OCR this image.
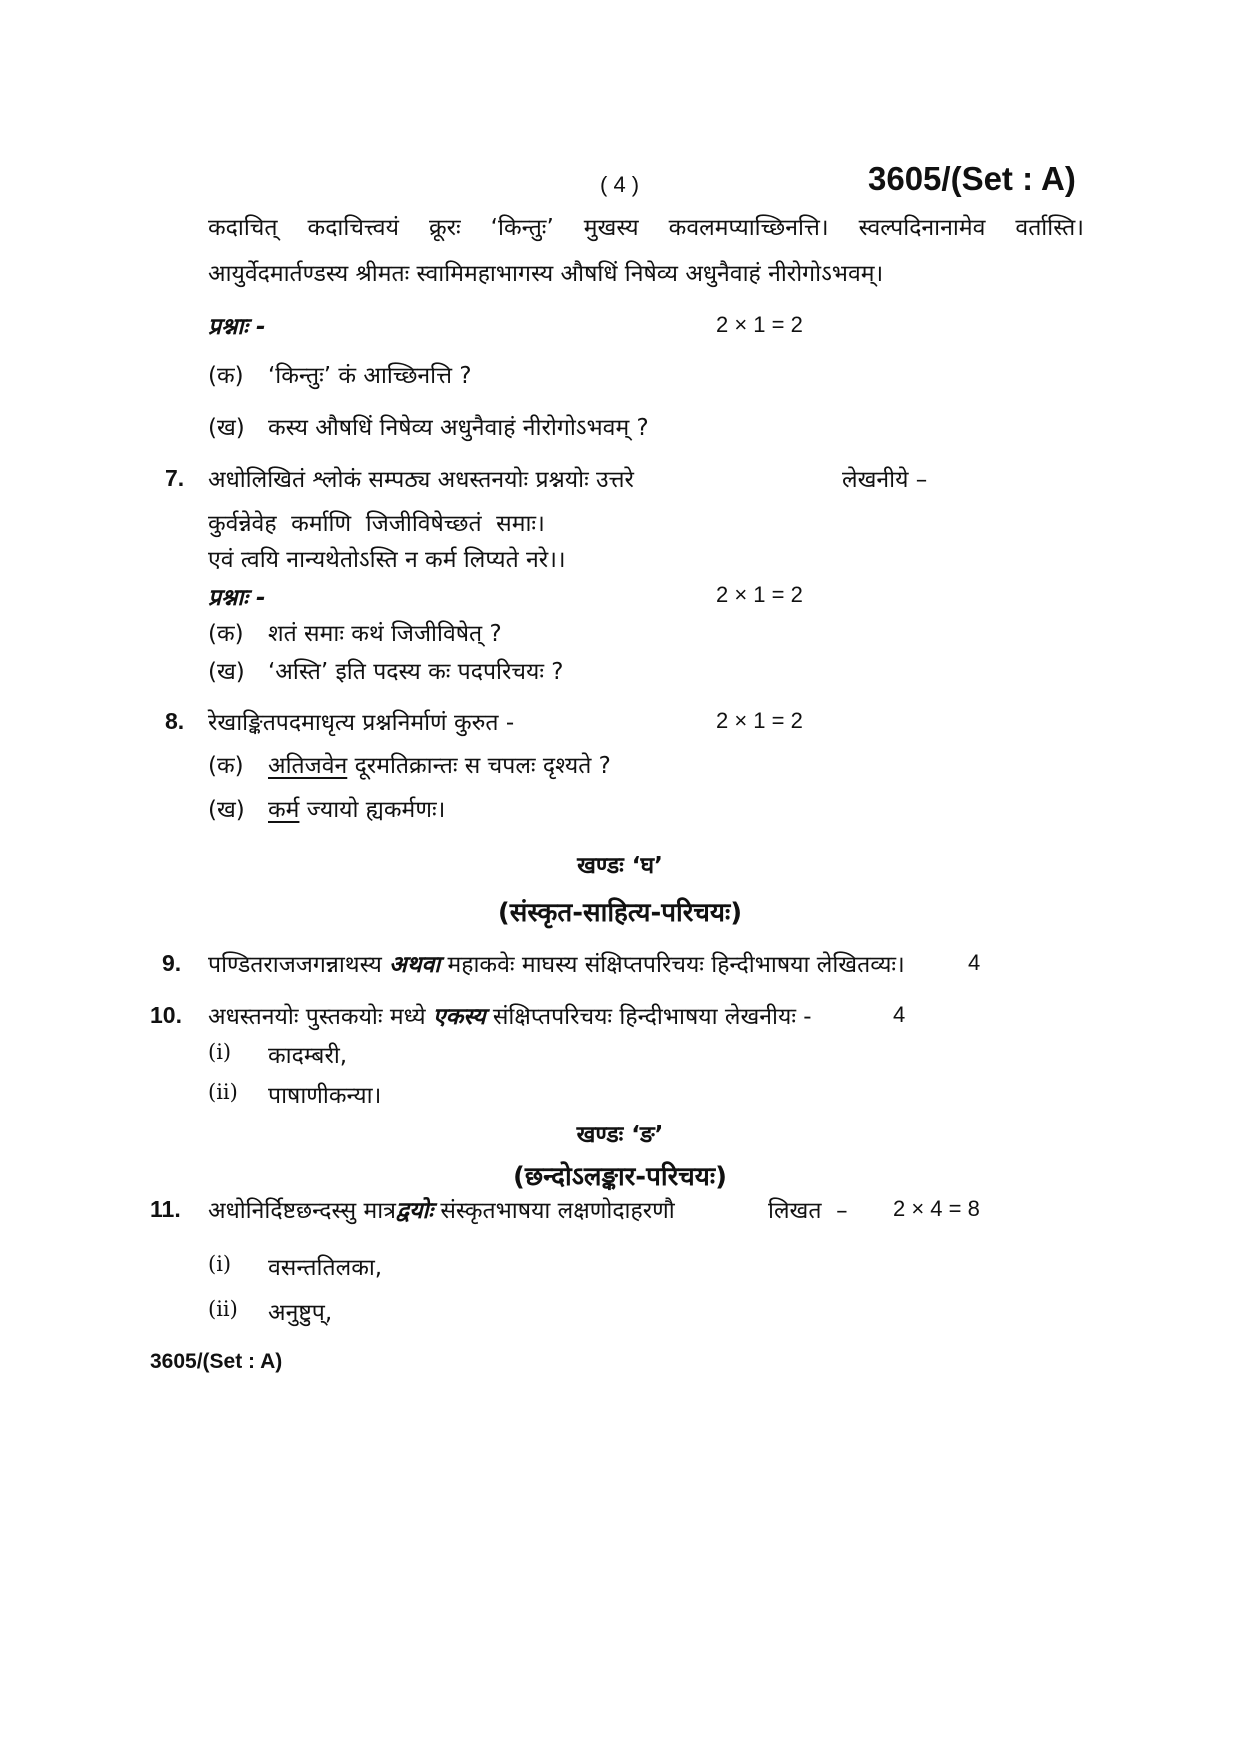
( 4 )	3605/(Set : A)
कदाचित् कदाचित्त्वयं क्रूरः ‘किन्तुः’ मुखस्य कवलमप्याच्छिनत्ति। स्वल्पदिनानामेव वर्तास्ति।
आयुर्वेदमार्तण्डस्य श्रीमतः स्वामिमहाभागस्य औषधिं निषेव्य अधुनैवाहं नीरोगोऽभवम्।
प्रश्नाः -	2 × 1 = 2
(क) ‘किन्तुः’ कं आच्छिनत्ति ?
(ख) कस्य औषधिं निषेव्य अधुनैवाहं नीरोगोऽभवम् ?
7. अधोलिखितं श्लोकं सम्पठ्य अधस्तनयोः प्रश्नयोः उत्तरे	लेखनीये –
कुर्वन्नेवेह  कर्माणि  जिजीविषेच्छतं  समाः।
एवं त्वयि नान्यथेतोऽस्ति न कर्म लिप्यते नरे।।
प्रश्नाः -	2 × 1 = 2
(क) शतं समाः कथं जिजीविषेत् ?
(ख) ‘अस्ति’ इति पदस्य कः पदपरिचयः ?
8. रेखाङ्कितपदमाधृत्य प्रश्ननिर्माणं कुरुत -	2 × 1 = 2
(क) अतिजवेन दूरमतिक्रान्तः स चपलः दृश्यते ?
(ख) कर्म ज्यायो ह्यकर्मणः।
खण्डः ‘घ’
(संस्कृत-साहित्य-परिचयः)
9. पण्डितराजजगन्नाथस्य अथवा महाकवेः माघस्य संक्षिप्तपरिचयः हिन्दीभाषया लेखितव्यः।	4
10. अधस्तनयोः पुस्तकयोः मध्ये एकस्य संक्षिप्तपरिचयः हिन्दीभाषया लेखनीयः -	4
(i) कादम्बरी,
(ii) पाषाणीकन्या।
खण्डः ‘ङ’
(छन्दोऽलङ्कार-परिचयः)
11. अधोनिर्दिष्टछन्दस्सु मात्रद्वयोः संस्कृतभाषया लक्षणोदाहरणौ	लिखत  – 2 × 4 = 8
(i) वसन्ततिलका,
(ii) अनुष्टुप्,
3605/(Set : A)
